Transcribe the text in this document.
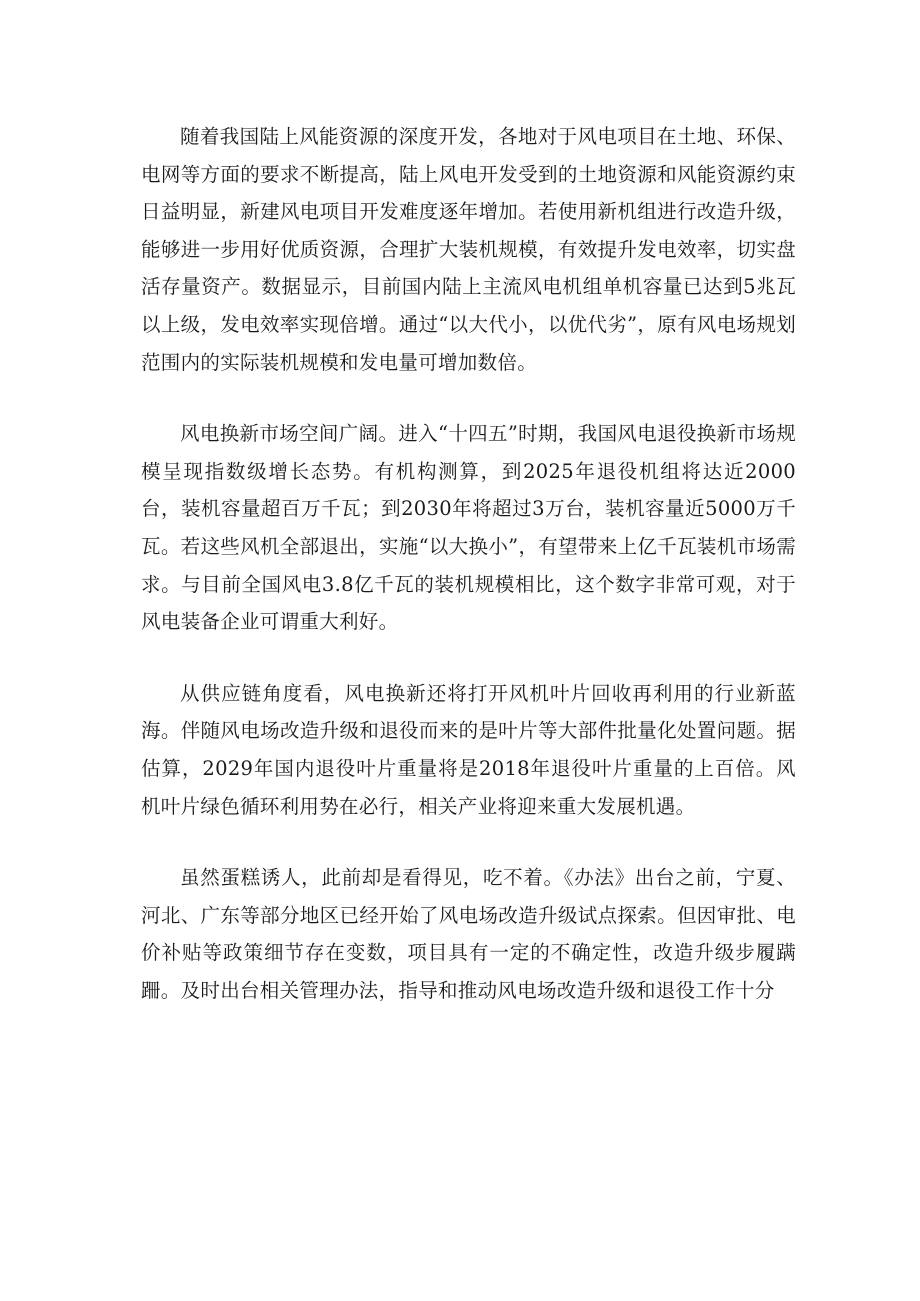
随着我国陆上风能资源的深度开发，各地对于风电项目在土地、环保、电网等方面的要求不断提高，陆上风电开发受到的土地资源和风能资源约束日益明显，新建风电项目开发难度逐年增加。若使用新机组进行改造升级，能够进一步用好优质资源，合理扩大装机规模，有效提升发电效率，切实盘活存量资产。数据显示，目前国内陆上主流风电机组单机容量已达到5兆瓦以上级，发电效率实现倍增。通过“以大代小，以优代劣”，原有风电场规划范围内的实际装机规模和发电量可增加数倍。

风电换新市场空间广阔。进入“十四五”时期，我国风电退役换新市场规模呈现指数级增长态势。有机构测算，到2025年退役机组将达近2000台，装机容量超百万千瓦；到2030年将超过3万台，装机容量近5000万千瓦。若这些风机全部退出，实施“以大换小”，有望带来上亿千瓦装机市场需求。与目前全国风电3.8亿千瓦的装机规模相比，这个数字非常可观，对于风电装备企业可谓重大利好。

从供应链角度看，风电换新还将打开风机叶片回收再利用的行业新蓝海。伴随风电场改造升级和退役而来的是叶片等大部件批量化处置问题。据估算，2029年国内退役叶片重量将是2018年退役叶片重量的上百倍。风机叶片绿色循环利用势在必行，相关产业将迎来重大发展机遇。

虽然蛋糕诱人，此前却是看得见，吃不着。《办法》出台之前，宁夏、河北、广东等部分地区已经开始了风电场改造升级试点探索。但因审批、电价补贴等政策细节存在变数，项目具有一定的不确定性，改造升级步履蹒跚。及时出台相关管理办法，指导和推动风电场改造升级和退役工作十分
